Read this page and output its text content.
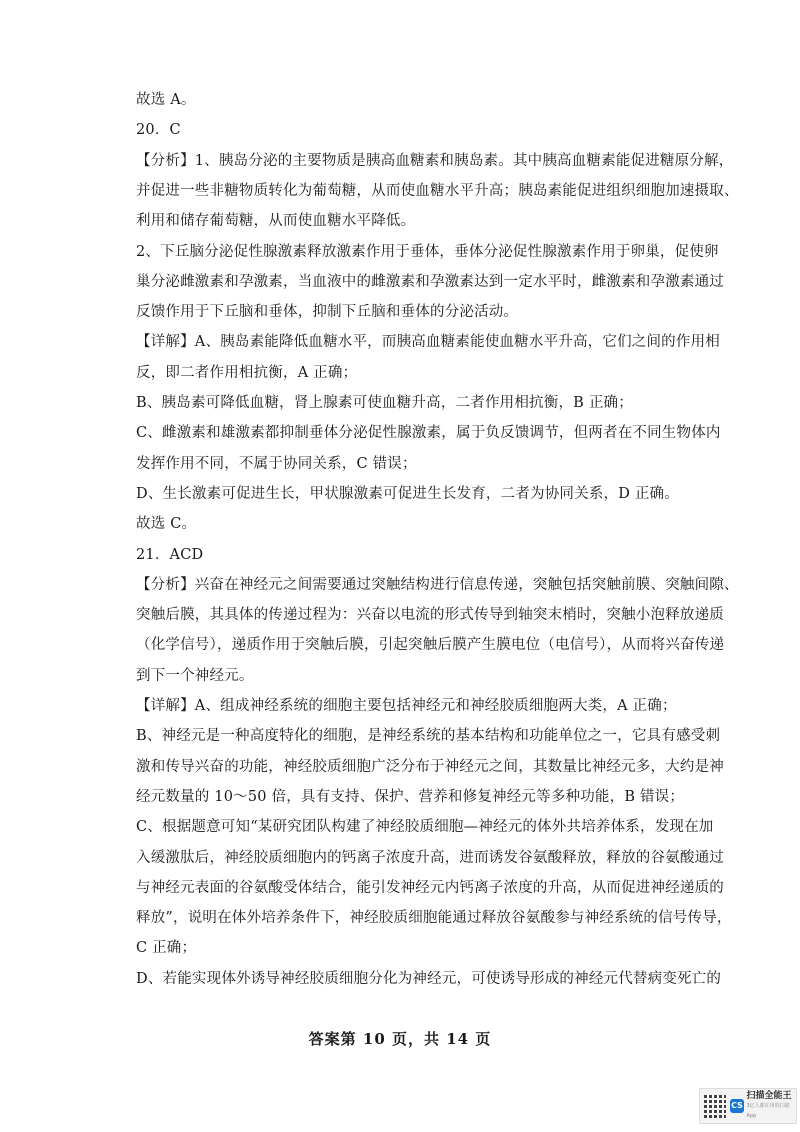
故选 A。
20．C
【分析】1、胰岛分泌的主要物质是胰高血糖素和胰岛素。其中胰高血糖素能促进糖原分解，
并促进一些非糖物质转化为葡萄糖，从而使血糖水平升高；胰岛素能促进组织细胞加速摄取、
利用和储存葡萄糖，从而使血糖水平降低。
2、下丘脑分泌促性腺激素释放激素作用于垂体，垂体分泌促性腺激素作用于卵巢，促使卵
巢分泌雌激素和孕激素，当血液中的雌激素和孕激素达到一定水平时，雌激素和孕激素通过
反馈作用于下丘脑和垂体，抑制下丘脑和垂体的分泌活动。
【详解】A、胰岛素能降低血糖水平，而胰高血糖素能使血糖水平升高，它们之间的作用相
反，即二者作用相抗衡，A 正确；
B、胰岛素可降低血糖，肾上腺素可使血糖升高，二者作用相抗衡，B 正确；
C、雌激素和雄激素都抑制垂体分泌促性腺激素，属于负反馈调节，但两者在不同生物体内
发挥作用不同，不属于协同关系，C 错误；
D、生长激素可促进生长，甲状腺激素可促进生长发育，二者为协同关系，D 正确。
故选 C。
21．ACD
【分析】兴奋在神经元之间需要通过突触结构进行信息传递，突触包括突触前膜、突触间隙、
突触后膜，其具体的传递过程为：兴奋以电流的形式传导到轴突末梢时，突触小泡释放递质
（化学信号），递质作用于突触后膜，引起突触后膜产生膜电位（电信号），从而将兴奋传递
到下一个神经元。
【详解】A、组成神经系统的细胞主要包括神经元和神经胶质细胞两大类，A 正确；
B、神经元是一种高度特化的细胞，是神经系统的基本结构和功能单位之一，它具有感受刺
激和传导兴奋的功能，神经胶质细胞广泛分布于神经元之间，其数量比神经元多，大约是神
经元数量的 10～50 倍，具有支持、保护、营养和修复神经元等多种功能，B 错误；
C、根据题意可知“某研究团队构建了神经胶质细胞—神经元的体外共培养体系，发现在加
入缓激肽后，神经胶质细胞内的钙离子浓度升高，进而诱发谷氨酸释放，释放的谷氨酸通过
与神经元表面的谷氨酸受体结合，能引发神经元内钙离子浓度的升高，从而促进神经递质的
释放”，说明在体外培养条件下，神经胶质细胞能通过释放谷氨酸参与神经系统的信号传导，
C 正确；
D、若能实现体外诱导神经胶质细胞分化为神经元，可使诱导形成的神经元代替病变死亡的
答案第 10 页，共 14 页
CS
扫描全能王
3亿人都在用的扫描App
